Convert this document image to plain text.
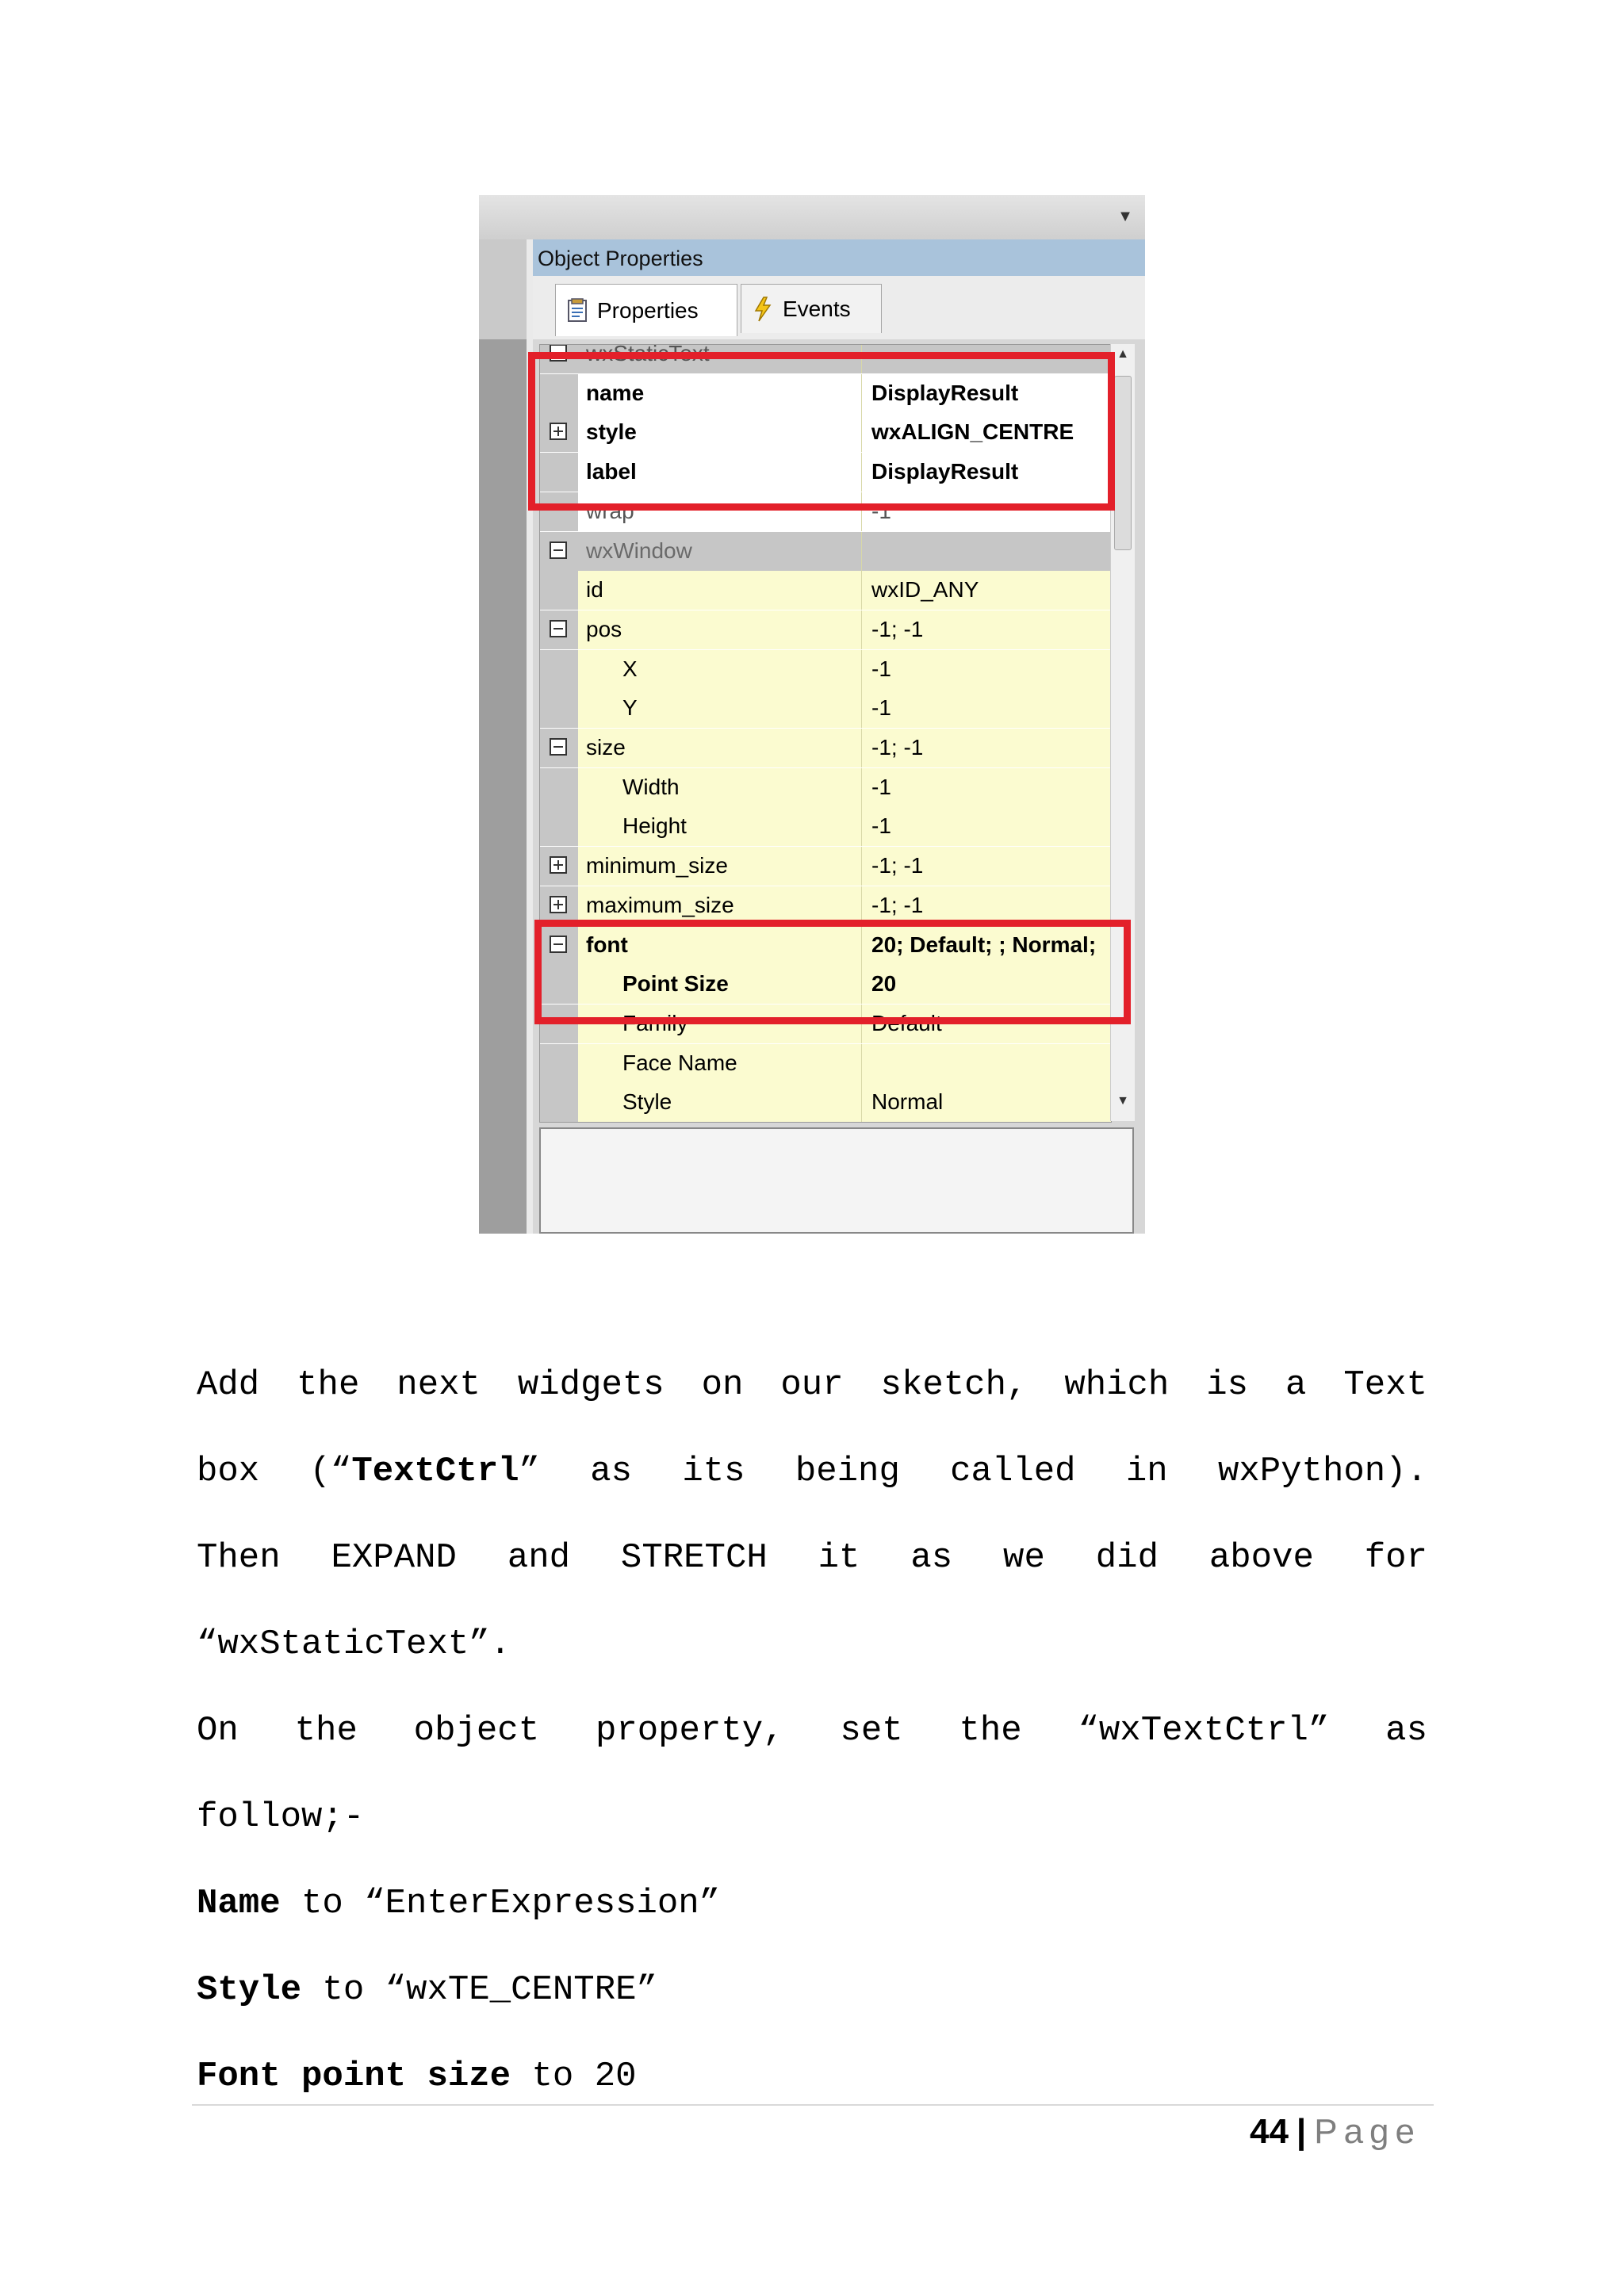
▼
Object Properties
Properties	Events
wxStaticText
name	DisplayResult
style	wxALIGN_CENTRE
label	DisplayResult
wrap	-1
wxWindow
id	wxID_ANY
pos	-1; -1
X	-1
Y	-1
size	-1; -1
Width	-1
Height	-1
minimum_size	-1; -1
maximum_size	-1; -1
font	20; Default; ; Normal;
Point Size	20
Family	Default
Face Name
Style	Normal
▲
▼
Add the next widgets on our sketch, which is a Text
box (“TextCtrl” as its being called in wxPython).
Then EXPAND and STRETCH it as we did above for
“wxStaticText”.
On the object property, set the “wxTextCtrl” as
follow;-
Name to “EnterExpression”
Style to “wxTE_CENTRE”
Font point size to 20
44 | Page
